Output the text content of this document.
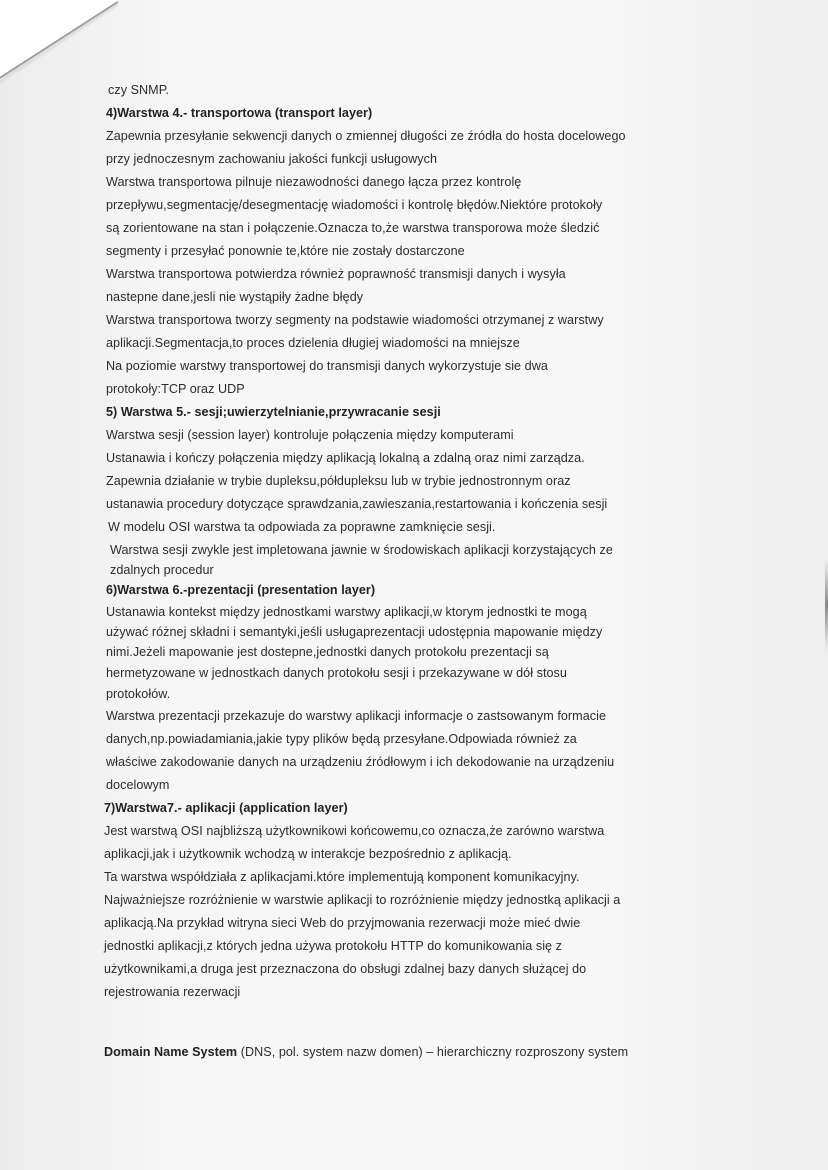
czy SNMP.
4)Warstwa 4.- transportowa (transport layer)
Zapewnia przesyłanie sekwencji danych o zmiennej długości ze źródła do hosta docelowego
przy jednoczesnym zachowaniu jakości funkcji usługowych
Warstwa transportowa pilnuje niezawodności danego łącza przez kontrolę
przepływu,segmentację/desegmentację wiadomości i kontrolę błędów.Niektóre protokoły
są zorientowane na stan i połączenie.Oznacza to,że warstwa transporowa może śledzić
segmenty i przesyłać ponownie te,które nie zostały dostarczone
Warstwa transportowa potwierdza również poprawność transmisji danych i wysyła
nastepne dane,jesli nie wystąpiły żadne błędy
Warstwa transportowa tworzy segmenty na podstawie wiadomości otrzymanej z warstwy
aplikacji.Segmentacja,to proces dzielenia długiej wiadomości na mniejsze
Na poziomie warstwy transportowej do transmisji danych wykorzystuje sie dwa
protokoły:TCP oraz UDP
5) Warstwa 5.- sesji;uwierzytelnianie,przywracanie sesji
Warstwa sesji (session layer) kontroluje połączenia między komputerami
Ustanawia i kończy połączenia między aplikacją lokalną a zdalną oraz nimi zarządza.
Zapewnia działanie w trybie dupleksu,półdupleksu lub w trybie jednostronnym oraz
ustanawia procedury dotyczące sprawdzania,zawieszania,restartowania i kończenia sesji
W modelu OSI warstwa ta odpowiada za poprawne zamknięcie sesji.
Warstwa sesji zwykle jest impletowana jawnie w środowiskach aplikacji korzystających ze
zdalnych procedur
6)Warstwa 6.-prezentacji (presentation layer)
Ustanawia kontekst między jednostkami warstwy aplikacji,w ktorym jednostki te mogą
używać różnej składni i semantyki,jeśli usługaprezentacji udostępnia mapowanie między
nimi.Jeżeli mapowanie jest dostepne,jednostki danych protokołu prezentacji są
hermetyzowane w jednostkach danych protokołu sesji i przekazywane w dół stosu
protokołów.
Warstwa prezentacji przekazuje do warstwy aplikacji informacje o zastsowanym formacie
danych,np.powiadamiania,jakie typy plików będą przesyłane.Odpowiada również za
właściwe zakodowanie danych na urządzeniu źródłowym i ich dekodowanie na urządzeniu
docelowym
7)Warstwa7.- aplikacji (application layer)
Jest warstwą OSI najbliższą użytkownikowi końcowemu,co oznacza,że zarówno warstwa
aplikacji,jak i użytkownik wchodzą w interakcje bezpośrednio z aplikacją.
Ta warstwa współdziała z aplikacjami.które implementują komponent komunikacyjny.
Najważniejsze rozróżnienie w warstwie aplikacji to rozróżnienie między jednostką aplikacji a
aplikacją.Na przykład witryna sieci Web do przyjmowania rezerwacji może mieć dwie
jednostki aplikacji,z których jedna używa protokołu HTTP do komunikowania się z
użytkownikami,a druga jest przeznaczona do obsługi zdalnej bazy danych służącej do
rejestrowania rezerwacji
Domain Name System (DNS, pol. system nazw domen) – hierarchiczny rozproszony system
